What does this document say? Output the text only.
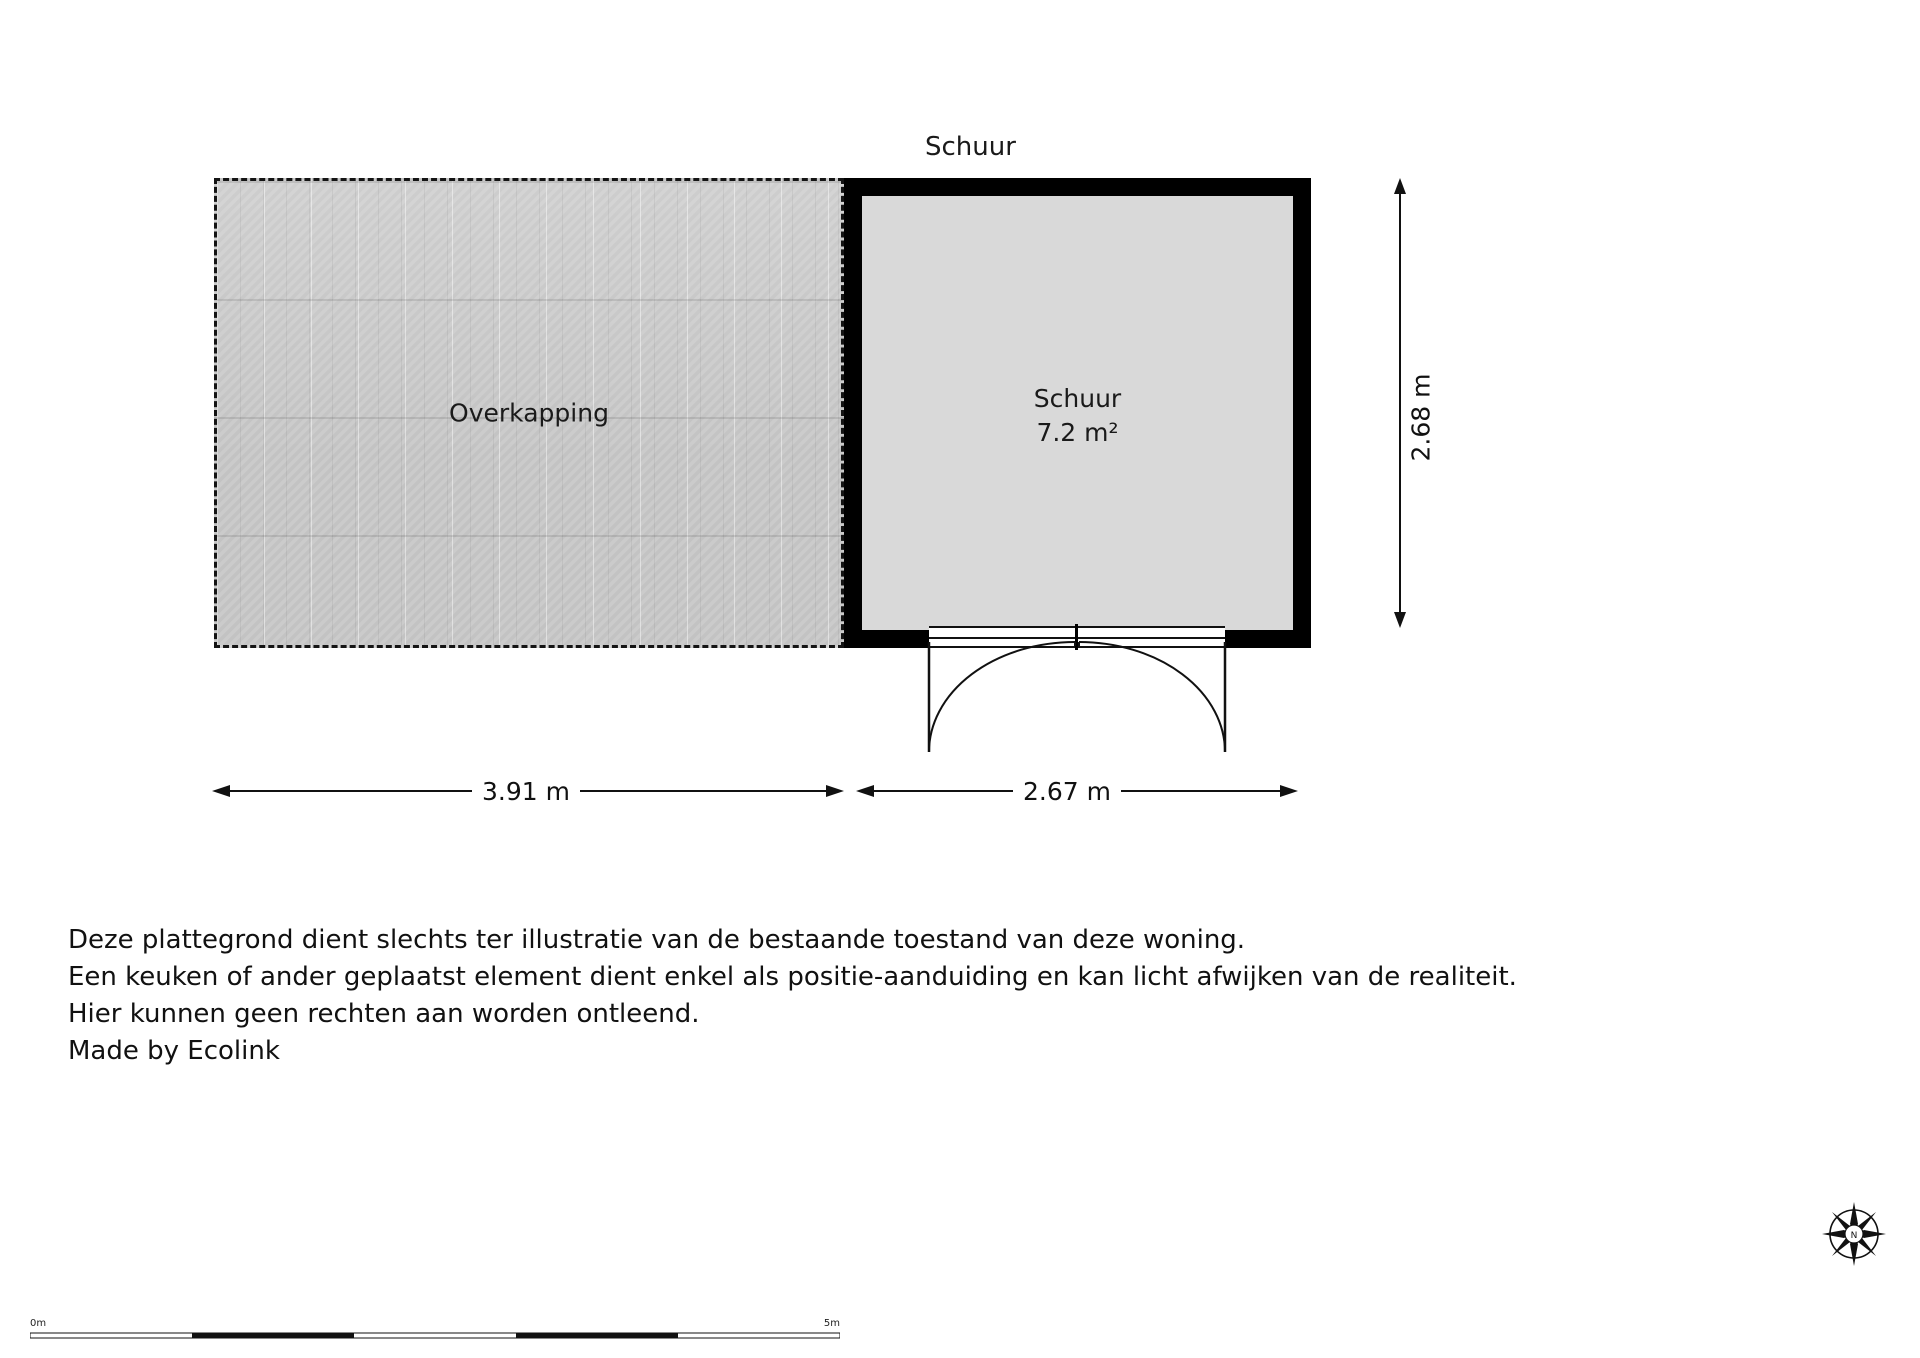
Schuur
Overkapping
Schuur
7.2 m²	2.68 m
3.91 m	2.67 m
Deze plattegrond dient slechts ter illustratie van de bestaande toestand van deze woning.
Een keuken of ander geplaatst element dient enkel als positie-aanduiding en kan licht afwijken van de realiteit.
Hier kunnen geen rechten aan worden ontleend.
Made by Ecolink
N
0m	5m
